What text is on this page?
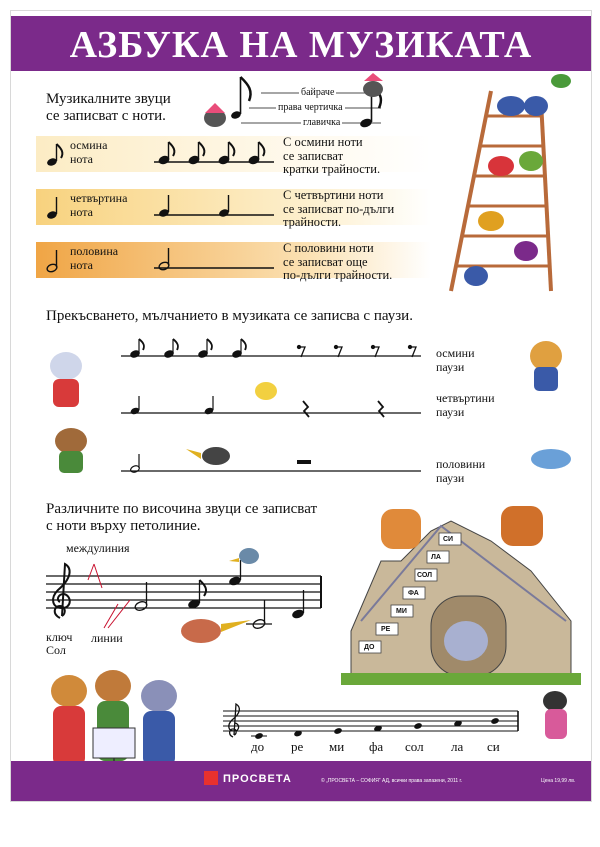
АЗБУКА НА МУЗИКАТА
Музикалните звуци
се записват с ноти.
байраче
права чертичка
главичка
осмина
нота
С осмини ноти
се записват
кратки трайности.
четвъртина
нота
С четвъртини ноти
се записват по-дълги
трайности.
половина
нота
С половини ноти
се записват още
по-дълги трайности.
Прекъсването, мълчанието в музиката се записва с паузи.
осмини
паузи
четвъртини
паузи
половини
паузи
Различните по височина звуци се записват
с ноти върху петолиние.
междулиния
ключ
Сол
линии
ДО
РЕ
МИ
ФА
СОЛ
ЛА
СИ
до ре ми фа сол ла си
ПРОСВЕТА	© „ПРОСВЕТА – СОФИЯ“ АД, всички права запазени, 2011 г.	Цена 19,99 лв.
